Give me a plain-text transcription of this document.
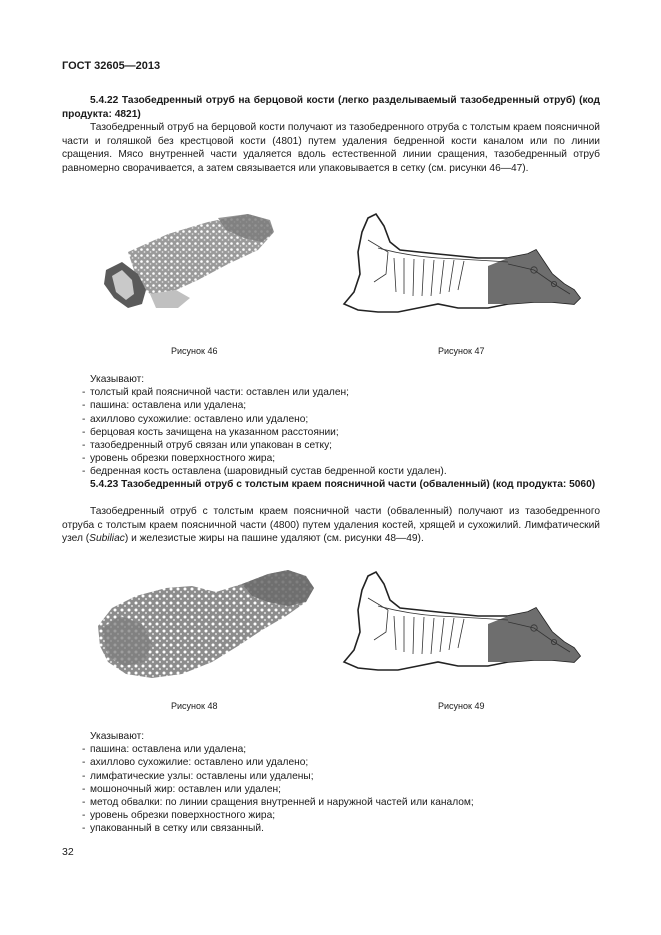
ГОСТ 32605—2013
5.4.22 Тазобедренный отруб на берцовой кости (легко разделываемый тазобедренный отруб) (код продукта: 4821)
Тазобедренный отруб на берцовой кости получают из тазобедренного отруба с толстым краем поясничной части и голяшкой без крестцовой кости (4801) путем удаления бедренной кости каналом или по линии сращения. Мясо внутренней части удаляется вдоль естественной линии сращения, тазобедренный отруб равномерно сворачивается, а затем связывается или упаковывается в сетку (см. рисунки 46—47).
Рисунок 46	Рисунок 47
Указывают:
- толстый край поясничной части: оставлен или удален;
- пашина: оставлена или удалена;
- ахиллово сухожилие: оставлено или удалено;
- берцовая кость зачищена на указанном расстоянии;
- тазобедренный отруб связан или упакован в сетку;
- уровень обрезки поверхностного жира;
- бедренная кость оставлена (шаровидный сустав бедренной кости удален).
5.4.23 Тазобедренный отруб с толстым краем поясничной части (обваленный) (код продукта: 5060)
Тазобедренный отруб с толстым краем поясничной части (обваленный) получают из тазобедренного отруба с толстым краем поясничной части (4800) путем удаления костей, хрящей и сухожилий. Лимфатический узел (Subiliac) и железистые жиры на пашине удаляют (см. рисунки 48—49).
Рисунок 48	Рисунок 49
Указывают:
- пашина: оставлена или удалена;
- ахиллово сухожилие: оставлено или удалено;
- лимфатические узлы: оставлены или удалены;
- мошоночный жир: оставлен или удален;
- метод обвалки: по линии сращения внутренней и наружной частей или каналом;
- уровень обрезки поверхностного жира;
- упакованный в сетку или связанный.
32
